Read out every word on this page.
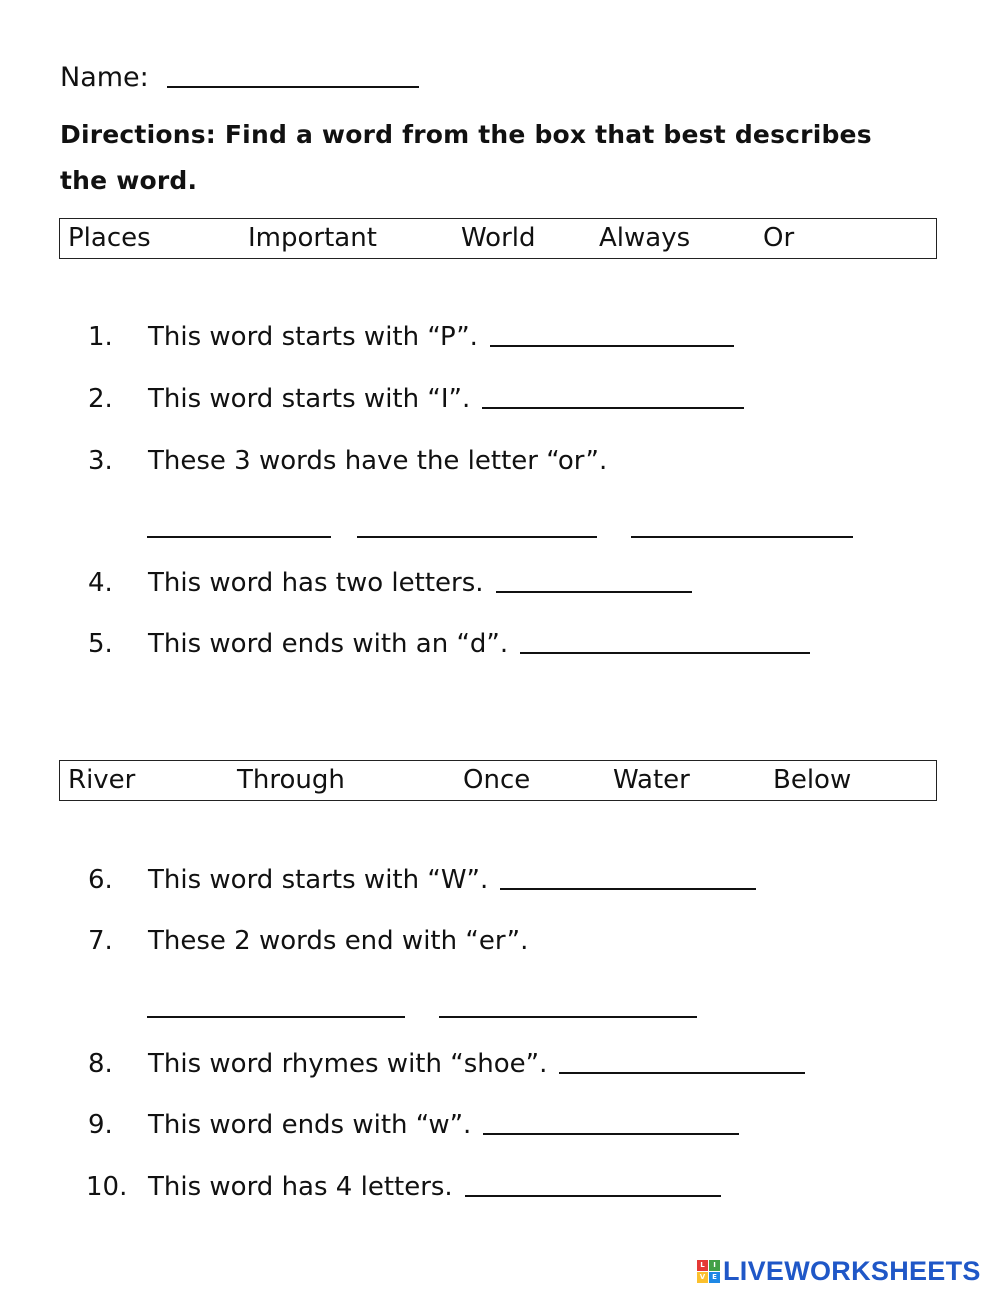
Name:
Directions: Find a word from the box that best describes
the word.
Places	Important	World Always	Or
1. This word starts with “P”.
2. This word starts with “I”.
3. These 3 words have the letter “or”.
4. This word has two letters.
5. This word ends with an “d”.
River	Through	Once	Water	Below
6. This word starts with “W”.
7. These 2 words end with “er”.
8. This word rhymes with “shoe”.
9. This word ends with “w”.
10. This word has 4 letters.
L	I
V E LIVEWORKSHEETS
